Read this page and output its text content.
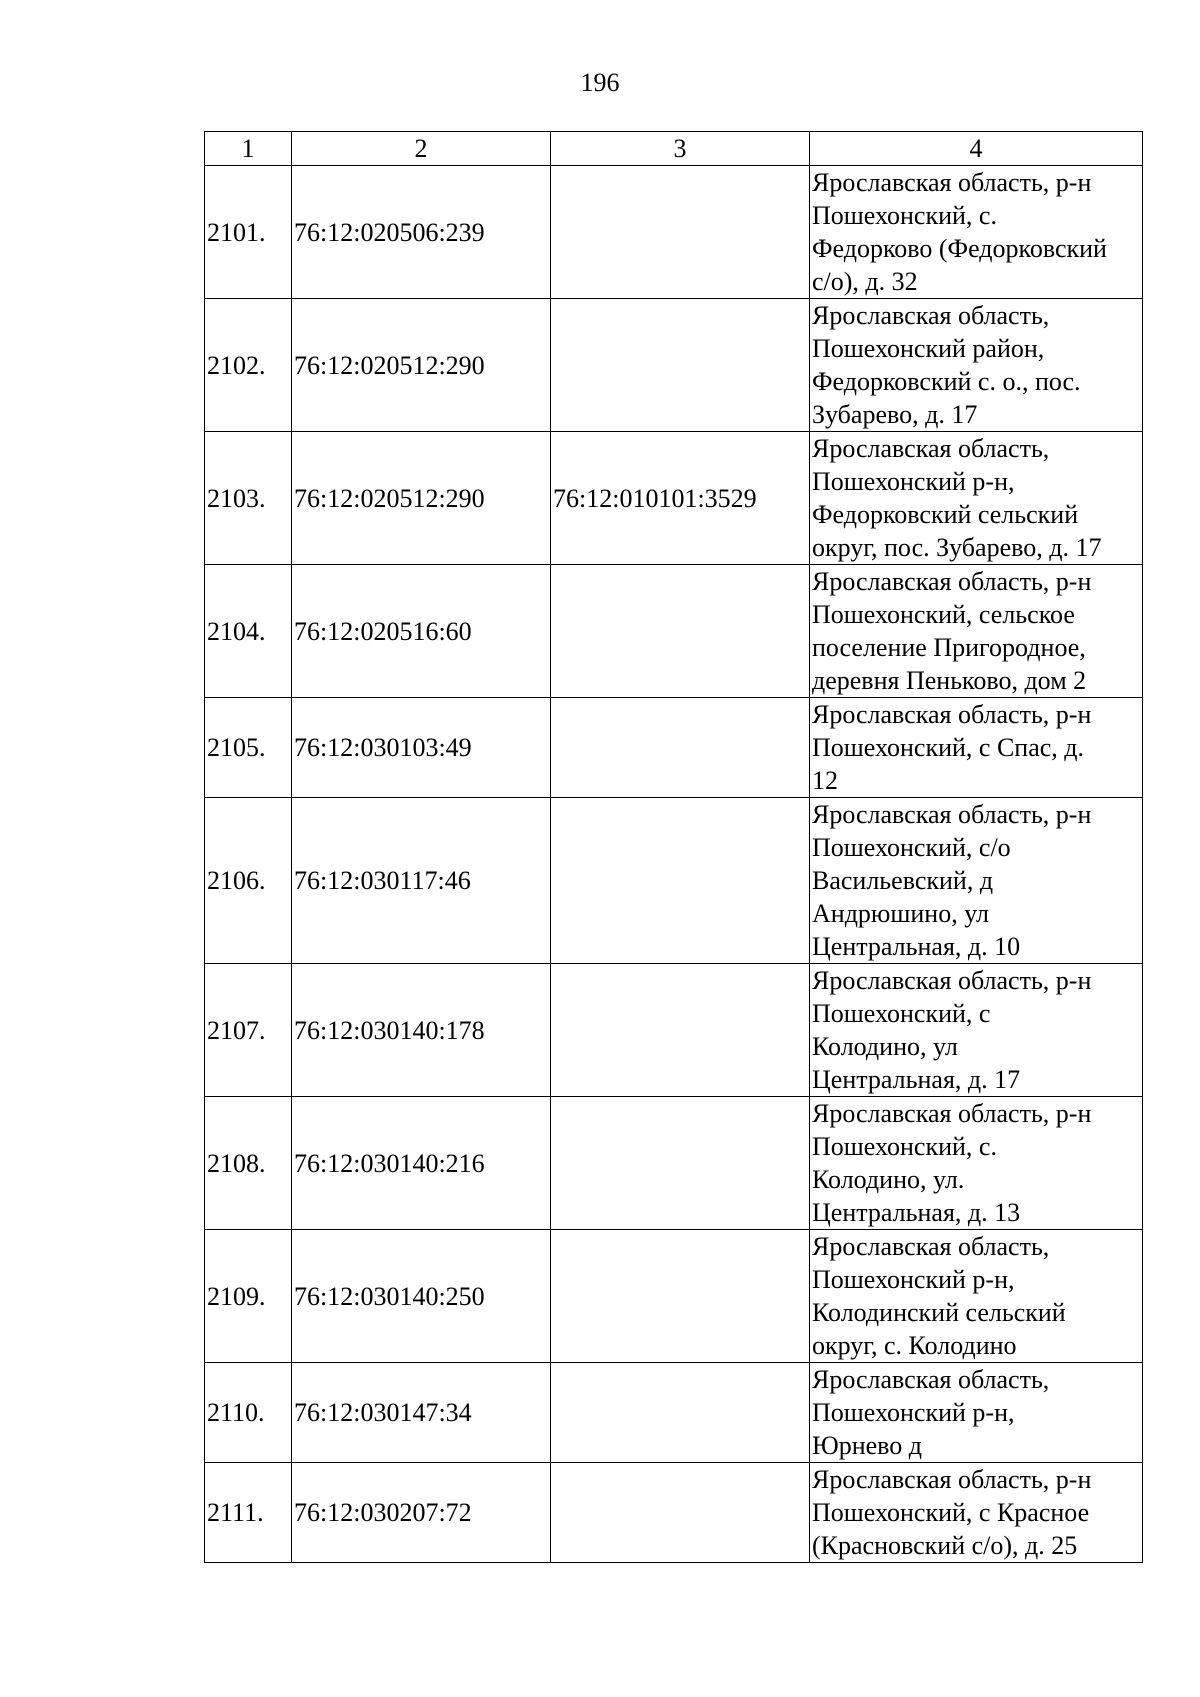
196
1	2	3	4
2101.	76:12:020506:239		Ярославская область, р-н
Пошехонский, с.
Федорково (Федорковский
с/о), д. 32

2102.	76:12:020512:290		Ярославская область,
Пошехонский район,
Федорковский с. о., пос.
Зубарево, д. 17

2103.	76:12:020512:290	76:12:010101:3529	Ярославская область,
Пошехонский р-н,
Федорковский сельский
округ, пос. Зубарево, д. 17

2104.	76:12:020516:60		Ярославская область, р-н
Пошехонский, сельское
поселение Пригородное,
деревня Пеньково, дом 2

2105.	76:12:030103:49		Ярославская область, р-н
Пошехонский, с Спас, д.
12

2106.	76:12:030117:46		Ярославская область, р-н
Пошехонский, с/о
Васильевский, д
Андрюшино, ул
Центральная, д. 10

2107.	76:12:030140:178		Ярославская область, р-н
Пошехонский, с
Колодино, ул
Центральная, д. 17

2108.	76:12:030140:216		Ярославская область, р-н
Пошехонский, с.
Колодино, ул.
Центральная, д. 13

2109.	76:12:030140:250		Ярославская область,
Пошехонский р-н,
Колодинский сельский
округ, с. Колодино

2110.	76:12:030147:34		Ярославская область,
Пошехонский р-н,
Юрнево д

2111.	76:12:030207:72		Ярославская область, р-н
Пошехонский, с Красное
(Красновский с/о), д. 25
